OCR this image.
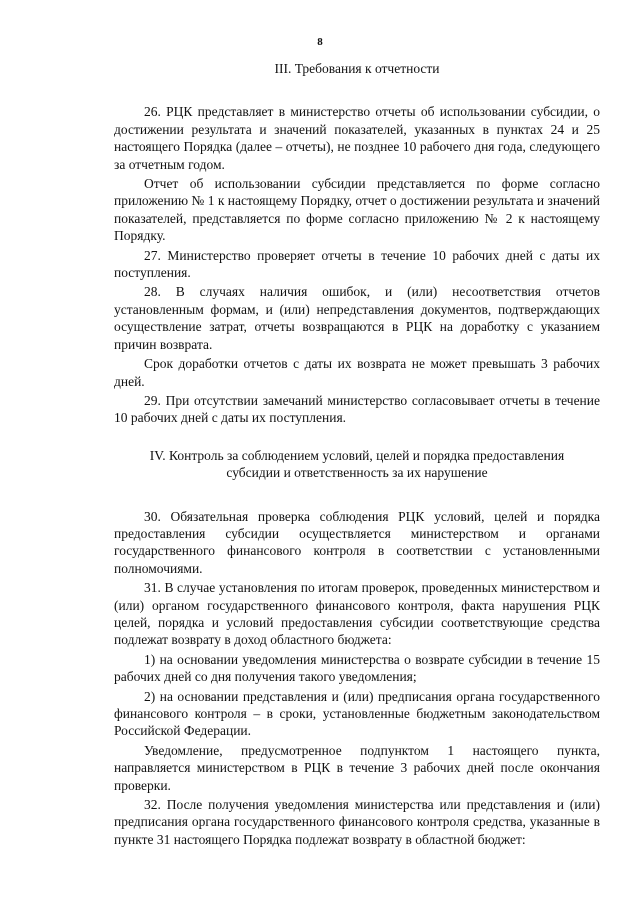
8

III. Требования к отчетности

26. РЦК представляет в министерство отчеты об использовании субсидии, о достижении результата и значений показателей, указанных в пунктах 24 и 25 настоящего Порядка (далее – отчеты), не позднее 10 рабочего дня года, следующего за отчетным годом.

Отчет об использовании субсидии представляется по форме согласно приложению № 1 к настоящему Порядку, отчет о достижении результата и значений показателей, представляется по форме согласно приложению № 2 к настоящему Порядку.

27. Министерство проверяет отчеты в течение 10 рабочих дней с даты их поступления.

28. В случаях наличия ошибок, и (или) несоответствия отчетов установленным формам, и (или) непредставления документов, подтверждающих осуществление затрат, отчеты возвращаются в РЦК на доработку с указанием причин возврата.

Срок доработки отчетов с даты их возврата не может превышать 3 рабочих дней.

29. При отсутствии замечаний министерство согласовывает отчеты в течение 10 рабочих дней с даты их поступления.

IV. Контроль за соблюдением условий, целей и порядка предоставления субсидии и ответственность за их нарушение

30. Обязательная проверка соблюдения РЦК условий, целей и порядка предоставления субсидии осуществляется министерством и органами государственного финансового контроля в соответствии с установленными полномочиями.

31. В случае установления по итогам проверок, проведенных министерством и (или) органом государственного финансового контроля, факта нарушения РЦК целей, порядка и условий предоставления субсидии соответствующие средства подлежат возврату в доход областного бюджета:

1) на основании уведомления министерства о возврате субсидии в течение 15 рабочих дней со дня получения такого уведомления;

2) на основании представления и (или) предписания органа государственного финансового контроля – в сроки, установленные бюджетным законодательством Российской Федерации.

Уведомление, предусмотренное подпунктом 1 настоящего пункта, направляется министерством в РЦК в течение 3 рабочих дней после окончания проверки.

32. После получения уведомления министерства или представления и (или) предписания органа государственного финансового контроля средства, указанные в пункте 31 настоящего Порядка подлежат возврату в областной бюджет:
